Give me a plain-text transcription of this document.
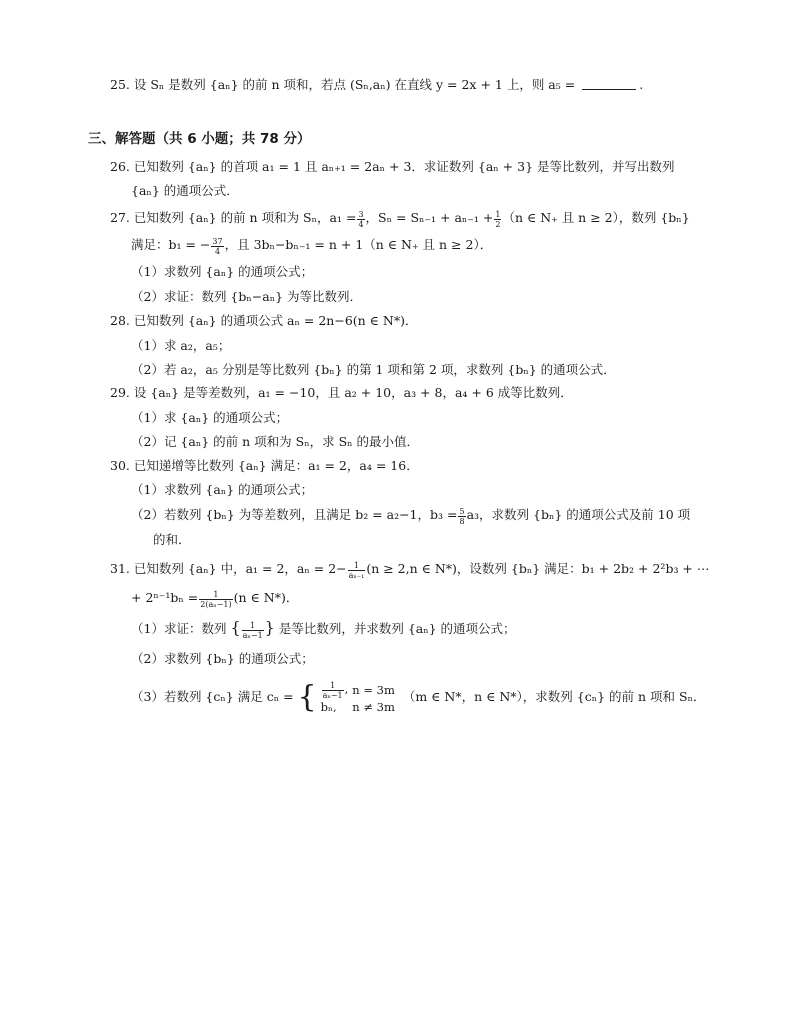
25. 设 Sₙ 是数列 {aₙ} 的前 n 项和，若点 (Sₙ,aₙ) 在直线 y = 2x + 1 上，则 a₅ =	.
三、解答题（共 6 小题；共 78 分）
26. 已知数列 {aₙ} 的首项 a₁ = 1 且 aₙ₊₁ = 2aₙ + 3．求证数列 {aₙ + 3} 是等比数列，并写出数列
{aₙ} 的通项公式．
27. 已知数列 {aₙ} 的前 n 项和为 Sₙ，$a_1 = \frac{3}{4}$ ，$S_n = S_{n-1} + a_{n-1} + \frac{1}{2} (n$ ∈ N₊ 且 n ≥ 2），数列 {bₙ}
满足：b₁ = − $\frac{37}{4}$ ，且 3bₙ−bₙ₋₁ = n + 1（n ∈ N₊ 且 n ≥ 2）．
（1）求数列 {aₙ} 的通项公式；
（2）求证：数列 {bₙ−aₙ} 为等比数列．
28. 已知数列 {aₙ} 的通项公式 aₙ = 2n−6(n ∈ N*)．
（1）求 a₂，a₅；
（2）若 a₂，a₅ 分别是等比数列 {bₙ} 的第 1 项和第 2 项，求数列 {bₙ} 的通项公式．
29. 设 {aₙ} 是等差数列，a₁ = −10，且 a₂ + 10，a₃ + 8，a₄ + 6 成等比数列．
（1）求 {aₙ} 的通项公式；
（2）记 {aₙ} 的前 n 项和为 Sₙ，求 Sₙ 的最小值．
30. 已知递增等比数列 {aₙ} 满足：a₁ = 2，a₄ = 16．
（1）求数列 {aₙ} 的通项公式；
（2）若数列 {bₙ} 为等差数列，且满足 b₂ = a₂−1，$b_3 = \frac{5}{8} a_3$，求数列 {bₙ} 的通项公式及前 10 项
的和．
31. 已知数列 {aₙ} 中，a₁ = 2，$a_n = 2- \frac{1}{\text{aₙ₋₁}} (n \ge 2,n$ ∈ N*)，设数列 {bₙ} 满足：b₁ + 2b₂ + 2²b₃ + ⋯
+ $2^{n-1}b_n = \frac{1}{\text{2(aₙ−1)}} (n$ ∈ N*)．
（1）求证：数列 { $\frac{1}{\text{aₙ−1}}$ } 是等比数列，并求数列 {aₙ} 的通项公式；
（2）求数列 {bₙ} 的通项公式；
（3）若数列 {cₙ} 满足 cₙ = { $\frac{1}{\text{aₙ−1}}$ ,	n = 3m
bₙ,	n ≠ 3m （m ∈ N*，n ∈ N*），求数列 {cₙ} 的前 n 项和 Sₙ．
